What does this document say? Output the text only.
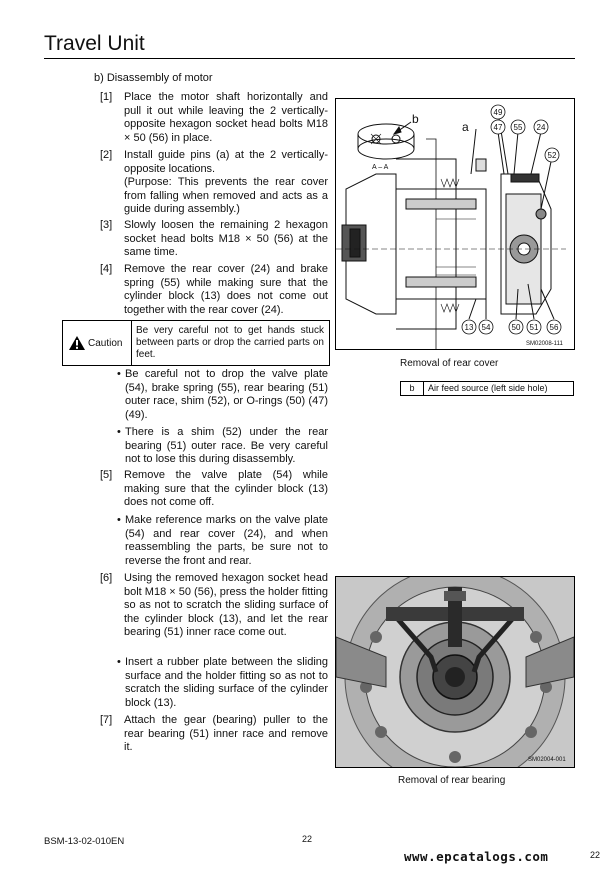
Travel Unit
b) Disassembly of motor
[1] Place the motor shaft horizontally and pull it out while leaving the 2 vertically-opposite hexagon socket head bolts M18 × 50 (56) in place.
[2] Install guide pins (a) at the 2 vertically-opposite locations.
(Purpose: This prevents the rear cover from falling when removed and acts as a guide during assembly.)
[3] Slowly loosen the remaining 2 hexagon socket head bolts M18 × 50 (56) at the same time.
[4] Remove the rear cover (24) and brake spring (55) while making sure that the cylinder block (13) does not come out together with the rear cover (24).
Caution
Be very careful not to get hands stuck between parts or drop the carried parts on feet.
• Be careful not to drop the valve plate (54), brake spring (55), rear bearing (51) outer race, shim (52), or O-rings (50) (47) (49).
• There is a shim (52) under the rear bearing (51) outer race. Be very careful not to lose this during disassembly.
[5] Remove the valve plate (54) while making sure that the cylinder block (13) does not come off.
• Make reference marks on the valve plate (54) and rear cover (24), and when reassembling the parts, be sure not to reverse the front and rear.
[6] Using the removed hexagon socket head bolt M18 × 50 (56), press the holder fitting so as not to scratch the sliding surface of the cylinder block (13), and let the rear bearing (51) inner race come out.
• Insert a rubber plate between the sliding surface and the holder fitting so as not to scratch the sliding surface of the cylinder block (13).
[7] Attach the gear (bearing) puller to the rear bearing (51) inner race and remove it.
49
47 55 24
52
13 54	50 51 56
b
a
A – A
SM02008-111
Removal of rear cover
b	Air feed source (left side hole)
SM02004-001
Removal of rear bearing
BSM-13-02-010EN	22
www.epcatalogs.com	22
